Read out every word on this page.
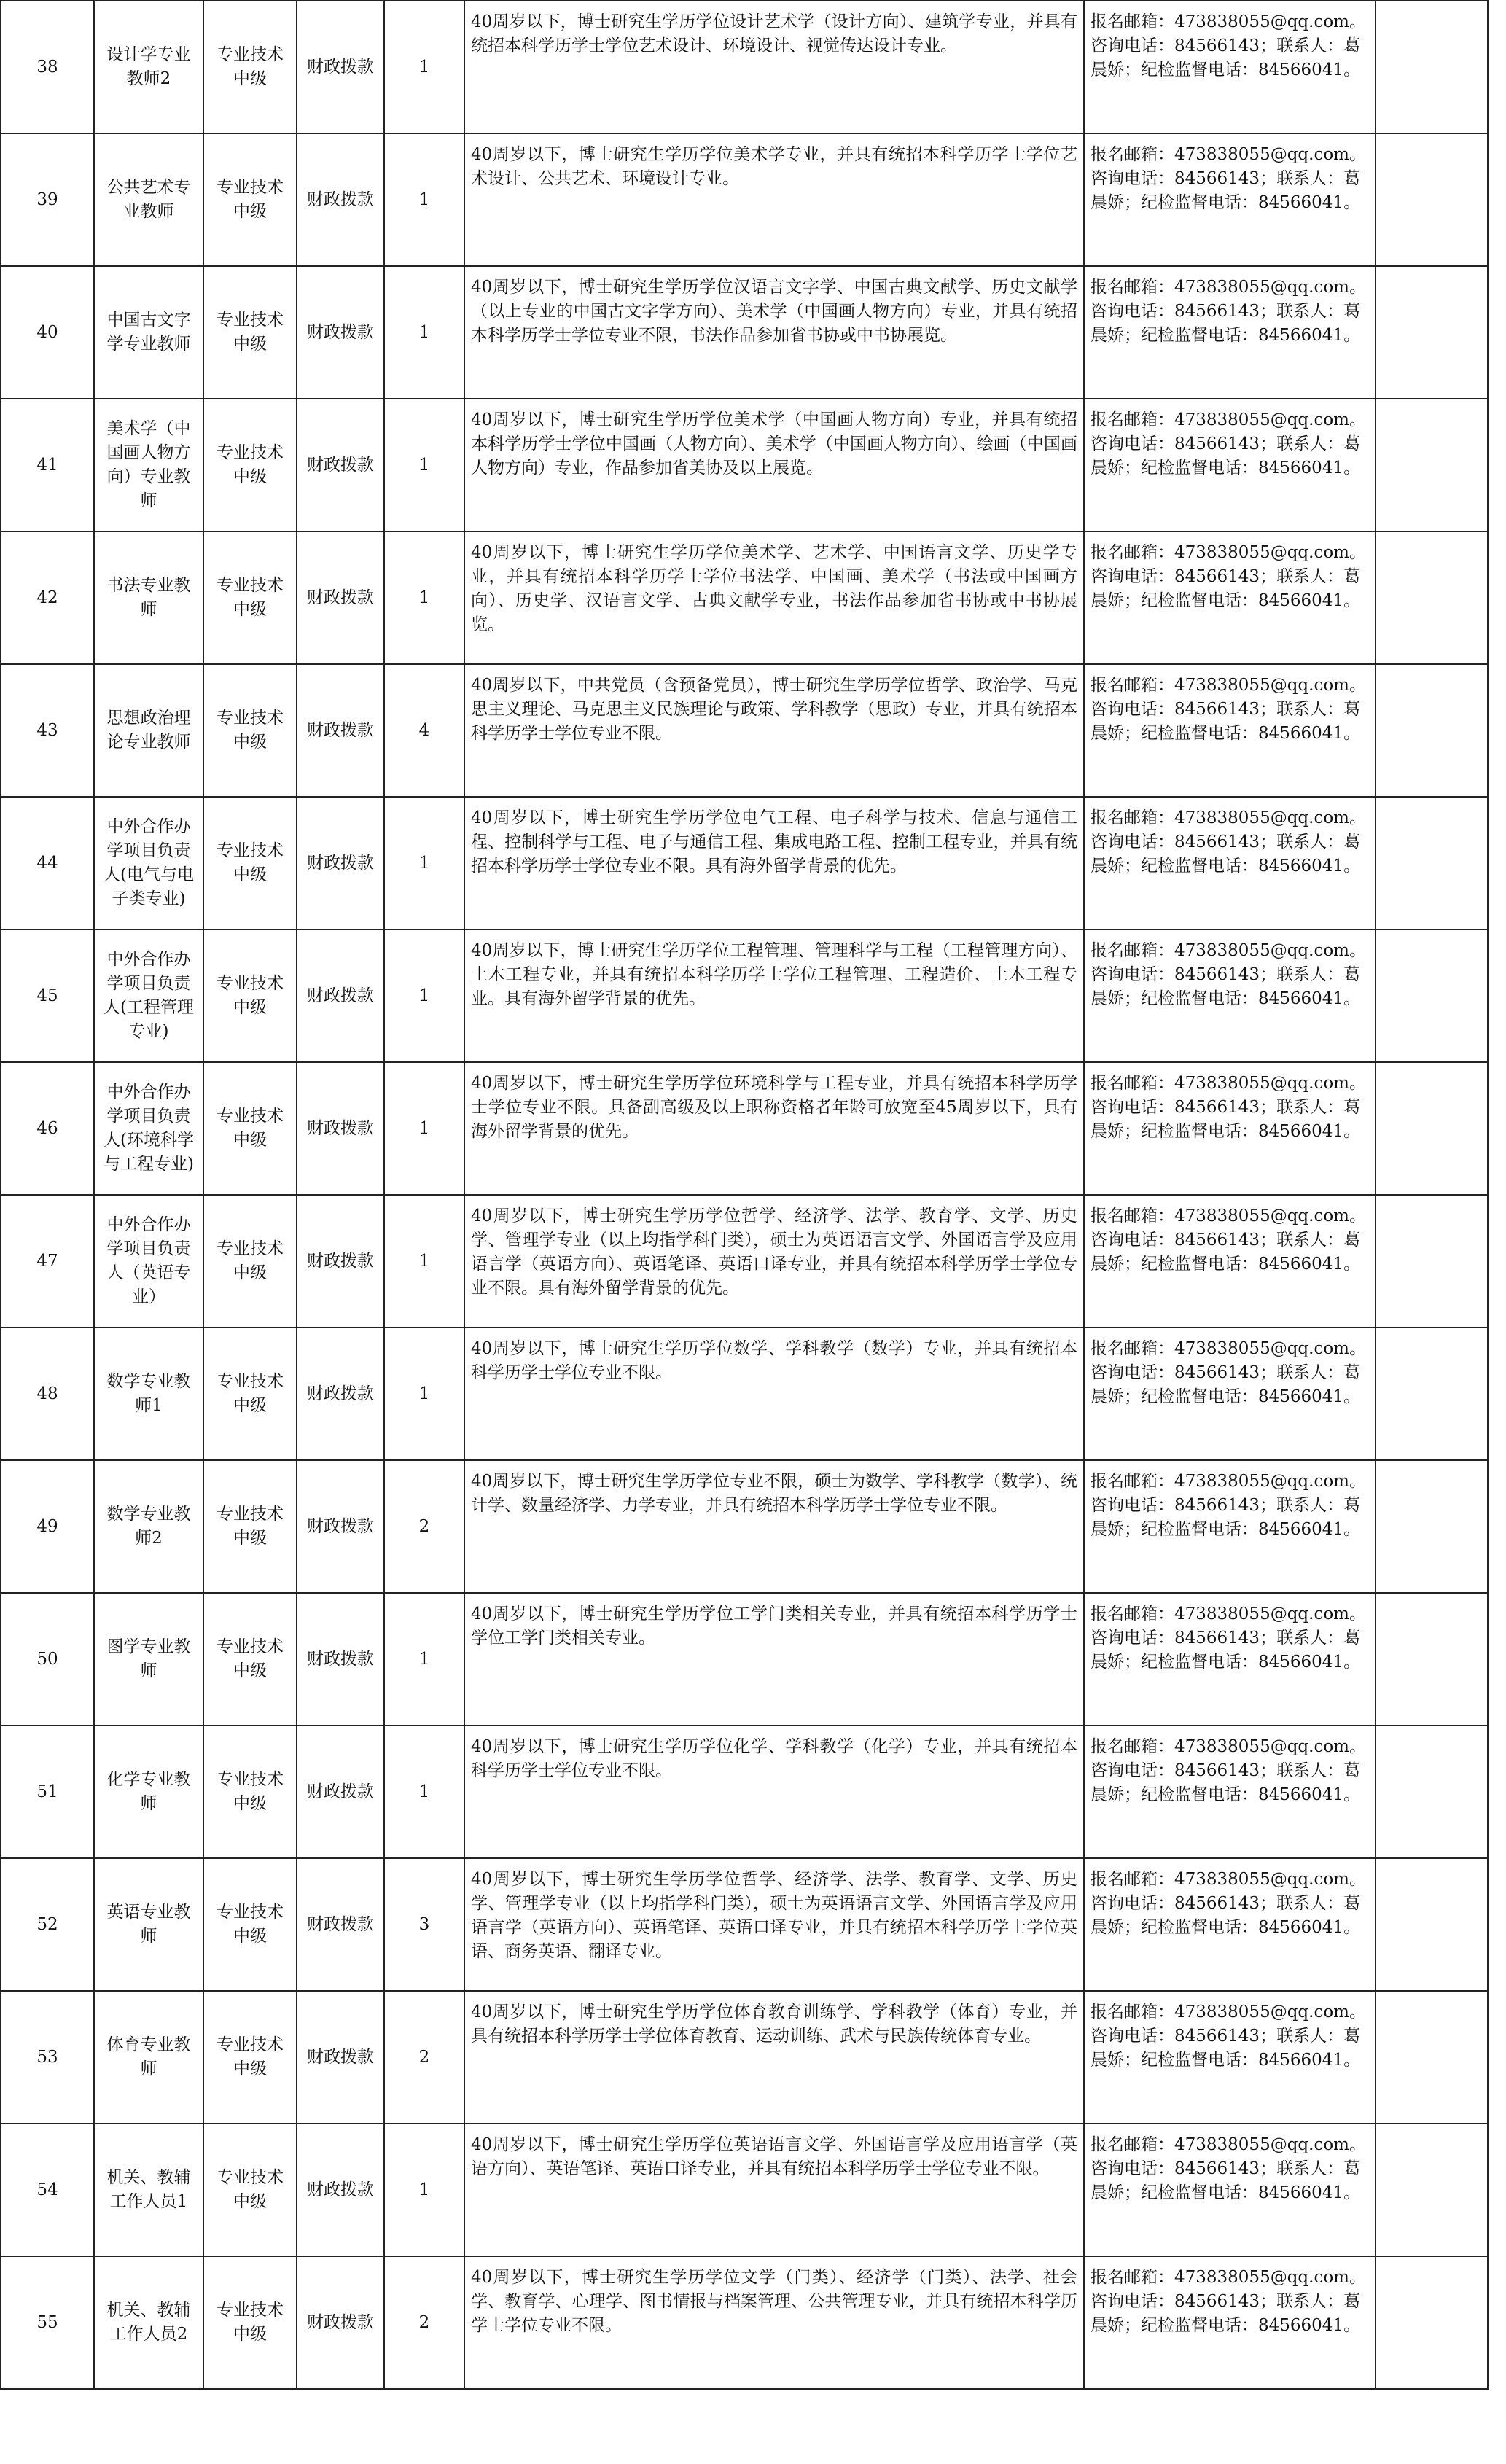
38	设计学专业教师2	专业技术中级	财政拨款	1	40周岁以下，博士研究生学历学位设计艺术学（设计方向）、建筑学专业，并具有统招本科学历学士学位艺术设计、环境设计、视觉传达设计专业。	报名邮箱：473838055@qq.com。咨询电话：84566143；联系人：葛晨娇；纪检监督电话：84566041。	
39	公共艺术专业教师	专业技术中级	财政拨款	1	40周岁以下，博士研究生学历学位美术学专业，并具有统招本科学历学士学位艺术设计、公共艺术、环境设计专业。	报名邮箱：473838055@qq.com。咨询电话：84566143；联系人：葛晨娇；纪检监督电话：84566041。	
40	中国古文字学专业教师	专业技术中级	财政拨款	1	40周岁以下，博士研究生学历学位汉语言文字学、中国古典文献学、历史文献学（以上专业的中国古文字学方向）、美术学（中国画人物方向）专业，并具有统招本科学历学士学位专业不限，书法作品参加省书协或中书协展览。	报名邮箱：473838055@qq.com。咨询电话：84566143；联系人：葛晨娇；纪检监督电话：84566041。	
41	美术学（中国画人物方向）专业教师	专业技术中级	财政拨款	1	40周岁以下，博士研究生学历学位美术学（中国画人物方向）专业，并具有统招本科学历学士学位中国画（人物方向）、美术学（中国画人物方向）、绘画（中国画人物方向）专业，作品参加省美协及以上展览。	报名邮箱：473838055@qq.com。咨询电话：84566143；联系人：葛晨娇；纪检监督电话：84566041。	
42	书法专业教师	专业技术中级	财政拨款	1	40周岁以下，博士研究生学历学位美术学、艺术学、中国语言文学、历史学专业，并具有统招本科学历学士学位书法学、中国画、美术学（书法或中国画方向）、历史学、汉语言文学、古典文献学专业，书法作品参加省书协或中书协展览。	报名邮箱：473838055@qq.com。咨询电话：84566143；联系人：葛晨娇；纪检监督电话：84566041。	
43	思想政治理论专业教师	专业技术中级	财政拨款	4	40周岁以下，中共党员（含预备党员），博士研究生学历学位哲学、政治学、马克思主义理论、马克思主义民族理论与政策、学科教学（思政）专业，并具有统招本科学历学士学位专业不限。	报名邮箱：473838055@qq.com。咨询电话：84566143；联系人：葛晨娇；纪检监督电话：84566041。	
44	中外合作办学项目负责人(电气与电子类专业)	专业技术中级	财政拨款	1	40周岁以下，博士研究生学历学位电气工程、电子科学与技术、信息与通信工程、控制科学与工程、电子与通信工程、集成电路工程、控制工程专业，并具有统招本科学历学士学位专业不限。具有海外留学背景的优先。	报名邮箱：473838055@qq.com。咨询电话：84566143；联系人：葛晨娇；纪检监督电话：84566041。	
45	中外合作办学项目负责人(工程管理专业)	专业技术中级	财政拨款	1	40周岁以下，博士研究生学历学位工程管理、管理科学与工程（工程管理方向）、土木工程专业，并具有统招本科学历学士学位工程管理、工程造价、土木工程专业。具有海外留学背景的优先。	报名邮箱：473838055@qq.com。咨询电话：84566143；联系人：葛晨娇；纪检监督电话：84566041。	
46	中外合作办学项目负责人(环境科学与工程专业)	专业技术中级	财政拨款	1	40周岁以下，博士研究生学历学位环境科学与工程专业，并具有统招本科学历学士学位专业不限。具备副高级及以上职称资格者年龄可放宽至45周岁以下，具有海外留学背景的优先。	报名邮箱：473838055@qq.com。咨询电话：84566143；联系人：葛晨娇；纪检监督电话：84566041。	
47	中外合作办学项目负责人（英语专业）	专业技术中级	财政拨款	1	40周岁以下，博士研究生学历学位哲学、经济学、法学、教育学、文学、历史学、管理学专业（以上均指学科门类），硕士为英语语言文学、外国语言学及应用语言学（英语方向）、英语笔译、英语口译专业，并具有统招本科学历学士学位专业不限。具有海外留学背景的优先。	报名邮箱：473838055@qq.com。咨询电话：84566143；联系人：葛晨娇；纪检监督电话：84566041。	
48	数学专业教师1	专业技术中级	财政拨款	1	40周岁以下，博士研究生学历学位数学、学科教学（数学）专业，并具有统招本科学历学士学位专业不限。	报名邮箱：473838055@qq.com。咨询电话：84566143；联系人：葛晨娇；纪检监督电话：84566041。	
49	数学专业教师2	专业技术中级	财政拨款	2	40周岁以下，博士研究生学历学位专业不限，硕士为数学、学科教学（数学）、统计学、数量经济学、力学专业，并具有统招本科学历学士学位专业不限。	报名邮箱：473838055@qq.com。咨询电话：84566143；联系人：葛晨娇；纪检监督电话：84566041。	
50	图学专业教师	专业技术中级	财政拨款	1	40周岁以下，博士研究生学历学位工学门类相关专业，并具有统招本科学历学士学位工学门类相关专业。	报名邮箱：473838055@qq.com。咨询电话：84566143；联系人：葛晨娇；纪检监督电话：84566041。	
51	化学专业教师	专业技术中级	财政拨款	1	40周岁以下，博士研究生学历学位化学、学科教学（化学）专业，并具有统招本科学历学士学位专业不限。	报名邮箱：473838055@qq.com。咨询电话：84566143；联系人：葛晨娇；纪检监督电话：84566041。	
52	英语专业教师	专业技术中级	财政拨款	3	40周岁以下，博士研究生学历学位哲学、经济学、法学、教育学、文学、历史学、管理学专业（以上均指学科门类），硕士为英语语言文学、外国语言学及应用语言学（英语方向）、英语笔译、英语口译专业，并具有统招本科学历学士学位英语、商务英语、翻译专业。	报名邮箱：473838055@qq.com。咨询电话：84566143；联系人：葛晨娇；纪检监督电话：84566041。	
53	体育专业教师	专业技术中级	财政拨款	2	40周岁以下，博士研究生学历学位体育教育训练学、学科教学（体育）专业，并具有统招本科学历学士学位体育教育、运动训练、武术与民族传统体育专业。	报名邮箱：473838055@qq.com。咨询电话：84566143；联系人：葛晨娇；纪检监督电话：84566041。	
54	机关、教辅工作人员1	专业技术中级	财政拨款	1	40周岁以下，博士研究生学历学位英语语言文学、外国语言学及应用语言学（英语方向）、英语笔译、英语口译专业，并具有统招本科学历学士学位专业不限。	报名邮箱：473838055@qq.com。咨询电话：84566143；联系人：葛晨娇；纪检监督电话：84566041。	
55	机关、教辅工作人员2	专业技术中级	财政拨款	2	40周岁以下，博士研究生学历学位文学（门类）、经济学（门类）、法学、社会学、教育学、心理学、图书情报与档案管理、公共管理专业，并具有统招本科学历学士学位专业不限。	报名邮箱：473838055@qq.com。咨询电话：84566143；联系人：葛晨娇；纪检监督电话：84566041。	
